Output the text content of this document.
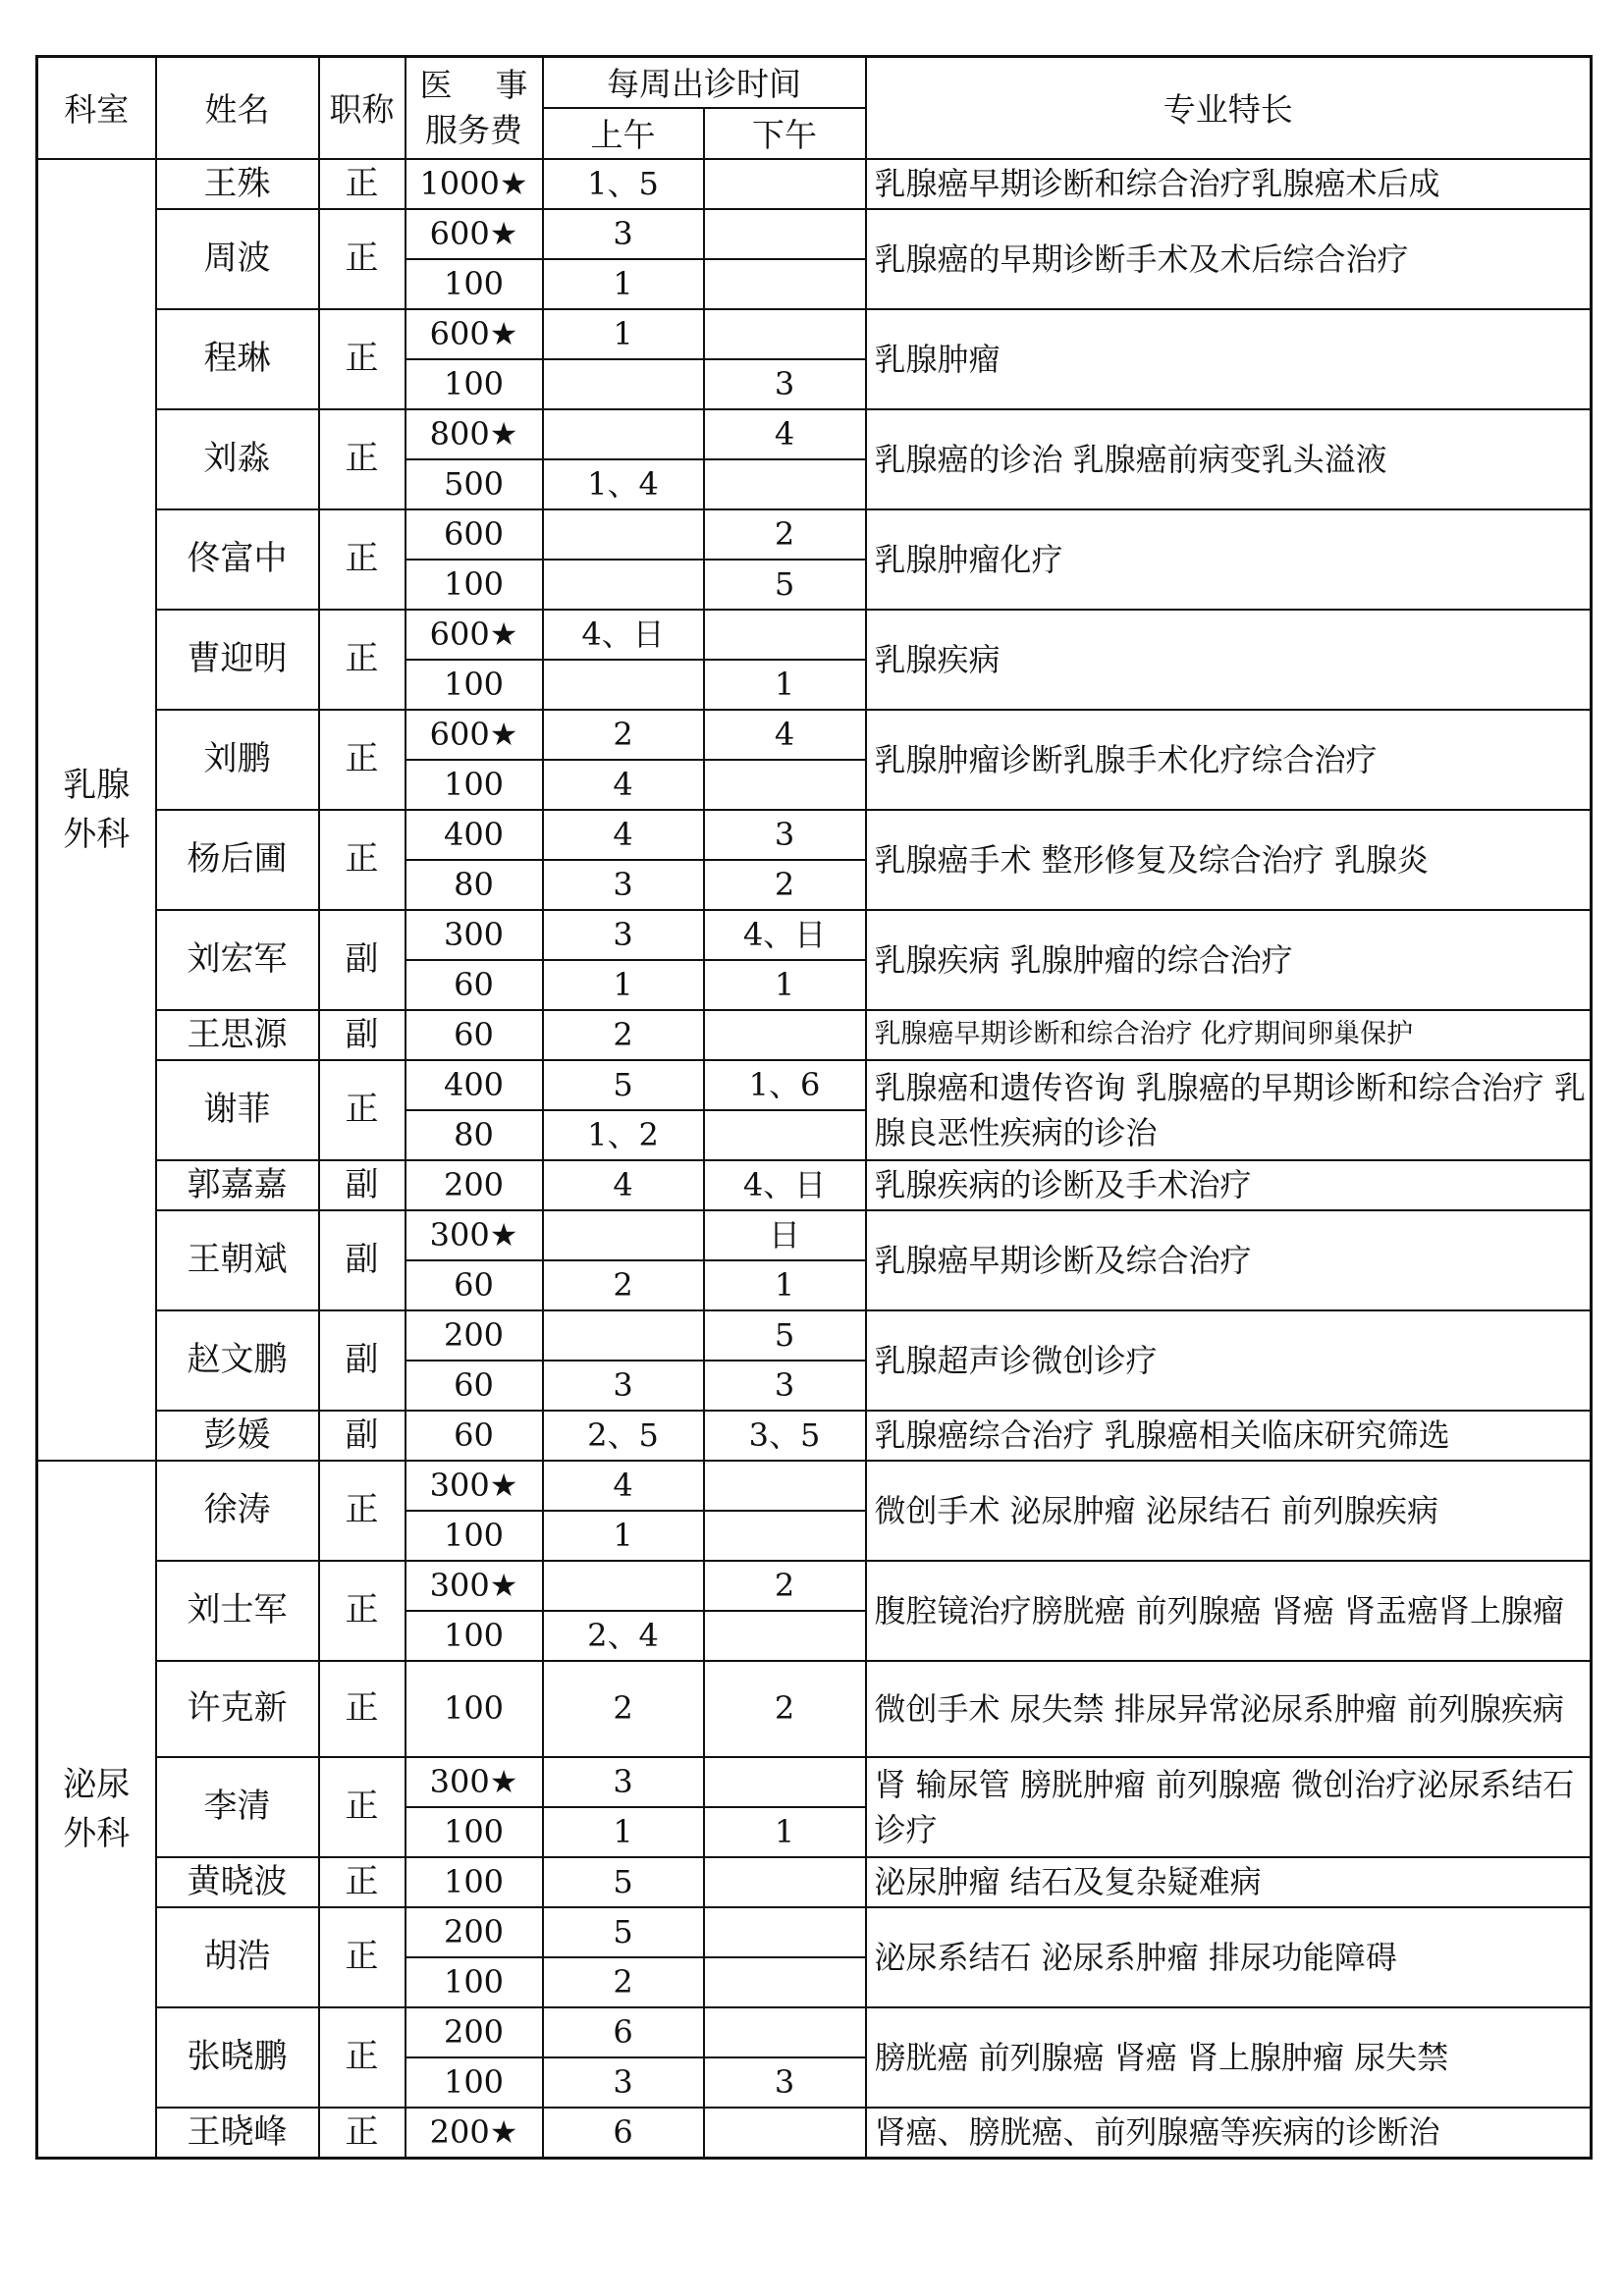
科室	姓名	职称	医 事
服务费	每周出诊时间		专业特长
				上午	下午	
乳腺外科	王殊	正	1000★	1、5		乳腺癌早期诊断和综合治疗乳腺癌术后成
	周波	正	600★	3		乳腺癌的早期诊断手术及术后综合治疗
			100	1		
	程琳	正	600★	1		乳腺肿瘤
			100		3	
	刘淼	正	800★		4	乳腺癌的诊治 乳腺癌前病变乳头溢液
			500	1、4		
	佟富中	正	600		2	乳腺肿瘤化疗
			100		5	
	曹迎明	正	600★	4、日		乳腺疾病
			100		1	
	刘鹏	正	600★	2	4	乳腺肿瘤诊断乳腺手术化疗综合治疗
			100	4		
	杨后圃	正	400	4	3	乳腺癌手术 整形修复及综合治疗 乳腺炎
			80	3	2	
	刘宏军	副	300	3	4、日	乳腺疾病 乳腺肿瘤的综合治疗
			60	1	1	
	王思源	副	60	2		乳腺癌早期诊断和综合治疗 化疗期间卵巢保护
	谢菲	正	400	5	1、6	乳腺癌和遗传咨询 乳腺癌的早期诊断和综合治疗 乳腺良恶性疾病的诊治
			80	1、2		
	郭嘉嘉	副	200	4	4、日	乳腺疾病的诊断及手术治疗
	王朝斌	副	300★		日	乳腺癌早期诊断及综合治疗
			60	2	1	
	赵文鹏	副	200		5	乳腺超声诊微创诊疗
			60	3	3	
	彭媛	副	60	2、5	3、5	乳腺癌综合治疗 乳腺癌相关临床研究筛选
泌尿外科	徐涛	正	300★	4		微创手术 泌尿肿瘤 泌尿结石 前列腺疾病
			100	1		
	刘士军	正	300★		2	腹腔镜治疗膀胱癌 前列腺癌 肾癌 肾盂癌肾上腺瘤
			100	2、4		
	许克新	正	100	2	2	微创手术 尿失禁 排尿异常泌尿系肿瘤 前列腺疾病
	李清	正	300★	3		肾 输尿管 膀胱肿瘤 前列腺癌 微创治疗泌尿系结石诊疗
			100	1	1	
	黄晓波	正	100	5		泌尿肿瘤 结石及复杂疑难病
	胡浩	正	200	5		泌尿系结石 泌尿系肿瘤 排尿功能障碍
			100	2		
	张晓鹏	正	200	6		膀胱癌 前列腺癌 肾癌 肾上腺肿瘤 尿失禁
			100	3	3	
	王晓峰	正	200★	6		肾癌、膀胱癌、前列腺癌等疾病的诊断治
